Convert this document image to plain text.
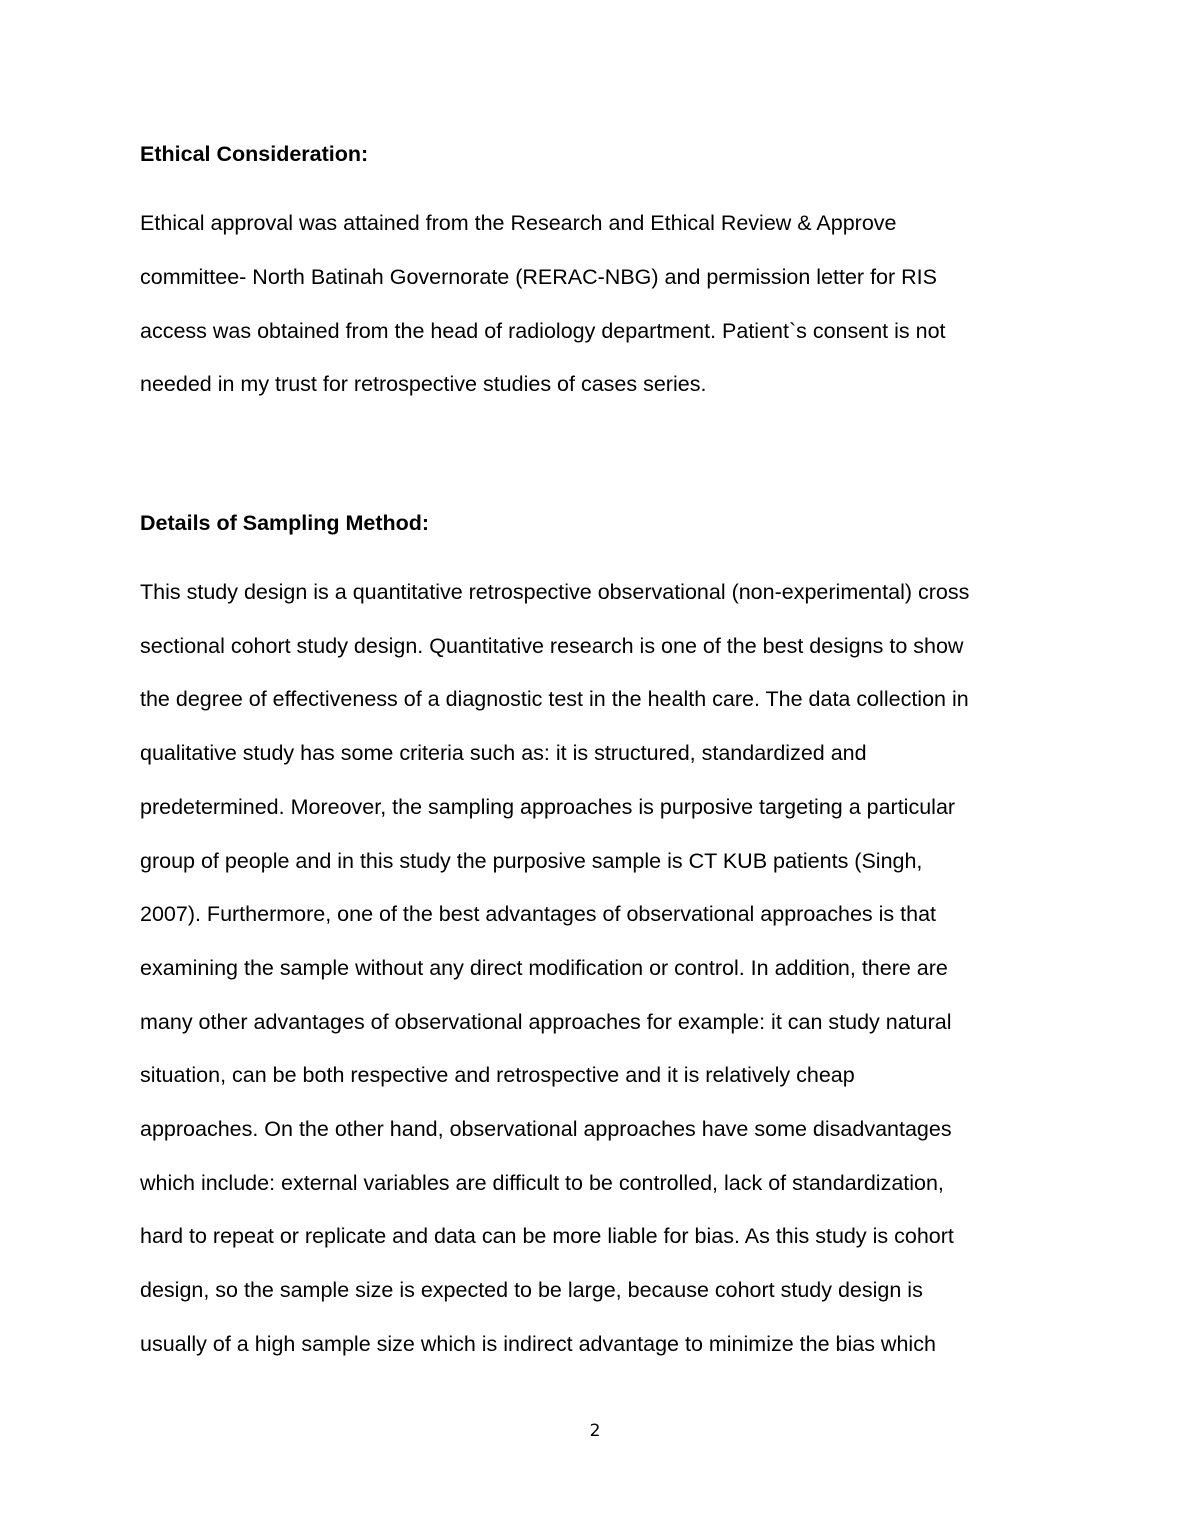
Ethical Consideration:

Ethical approval was attained from the Research and Ethical Review & Approve

committee- North Batinah Governorate (RERAC-NBG) and permission letter for RIS

access was obtained from the head of radiology department. Patient`s consent is not

needed in my trust for retrospective studies of cases series.

Details of Sampling Method:

This study design is a quantitative retrospective observational (non-experimental) cross

sectional cohort study design. Quantitative research is one of the best designs to show

the degree of effectiveness of a diagnostic test in the health care. The data collection in

qualitative study has some criteria such as: it is structured, standardized and

predetermined. Moreover, the sampling approaches is purposive targeting a particular

group of people and in this study the purposive sample is CT KUB patients (Singh,

2007). Furthermore, one of the best advantages of observational approaches is that

examining the sample without any direct modification or control. In addition, there are

many other advantages of observational approaches for example: it can study natural

situation, can be both respective and retrospective and it is relatively cheap

approaches. On the other hand, observational approaches have some disadvantages

which include: external variables are difficult to be controlled, lack of standardization,

hard to repeat or replicate and data can be more liable for bias. As this study is cohort

design, so the sample size is expected to be large, because cohort study design is

usually of a high sample size which is indirect advantage to minimize the bias which

2
